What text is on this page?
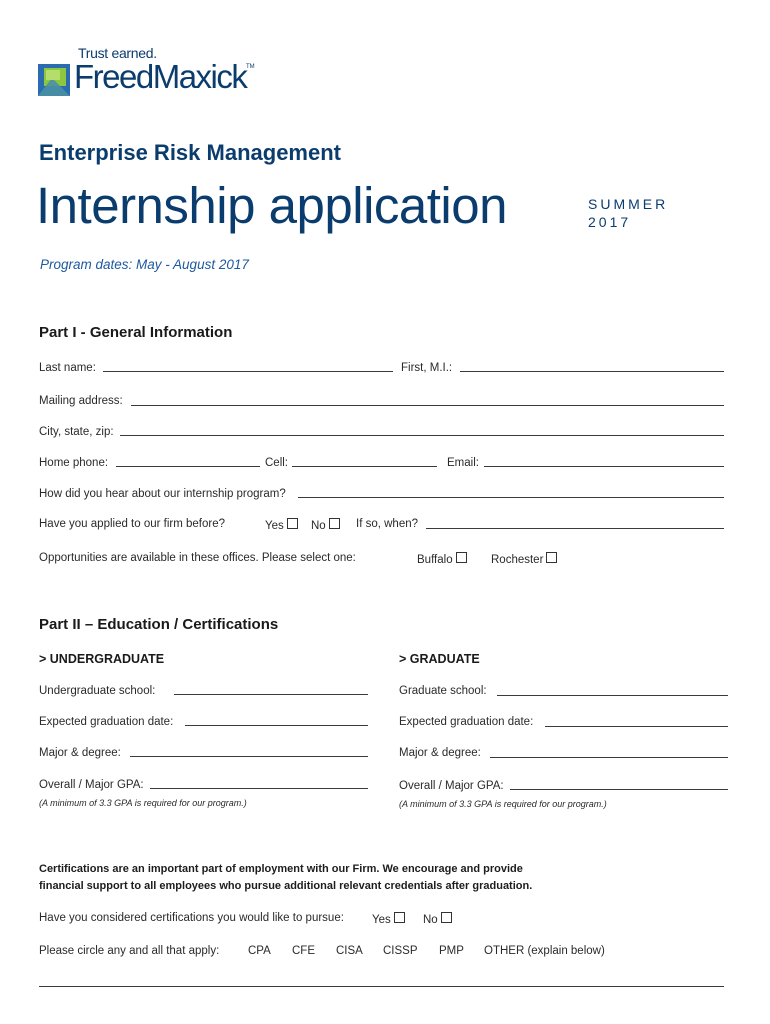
Trust earned.
FreedMaxick TM
Enterprise Risk Management
Internship application	SUMMER
2017
Program dates: May - August 2017
Part I - General Information
Last name:	First, M.I.:
Mailing address:
City, state, zip:
Home phone:	Cell:	Email:
How did you hear about our internship program?
Have you applied to our firm before?	Yes	No	If so, when?
Opportunities are available in these offices. Please select one:	Buffalo	Rochester
Part II – Education / Certifications
> UNDERGRADUATE	> GRADUATE
Undergraduate school:	Graduate school:
Expected graduation date:	Expected graduation date:
Major & degree:	Major & degree:
Overall / Major GPA:	Overall / Major GPA:
(A minimum of 3.3 GPA is required for our program.)	(A minimum of 3.3 GPA is required for our program.)
Certifications are an important part of employment with our Firm. We encourage and provide
financial support to all employees who pursue additional relevant credentials after graduation.
Have you considered certifications you would like to pursue: Yes	No
Please circle any and all that apply: CPA CFE CISA CISSP PMP OTHER (explain below)
